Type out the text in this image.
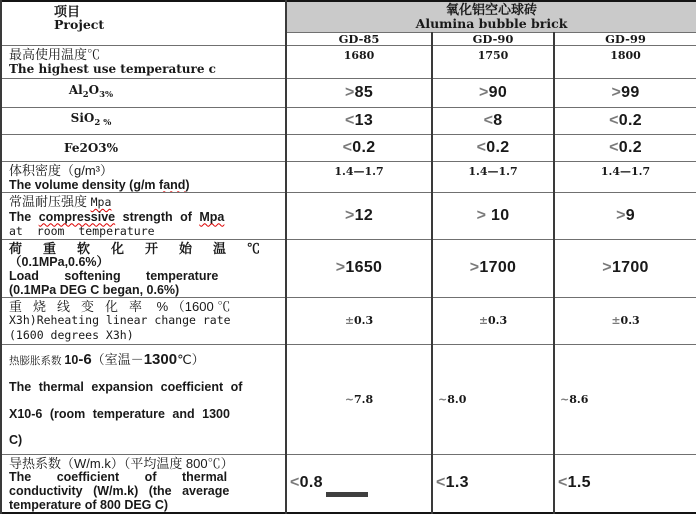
项目
Project

氧化铝空心球砖
Alumina bubble brick

	GD-85	GD-90	GD-99

最高使用温度℃
The highest use temperature c	1680	1750	1800

$Al_2O_{3\%}$	>85	>90	>99

SiO$_{2 \%}$	<13	<8	<0.2

Fe2O3%	<0.2	<0.2	<0.2

体积密度（g/m³）
The volume density (g/m fand)	1.4—1.7	1.4—1.7	1.4—1.7

常温耐压强度 Mpa
The compressive strength of Mpa
at room temperature	>12	> 10	>9

荷重软化开始温℃
（0.1MPa,0.6%）
Load softening temperature
(0.1MPa DEG C began, 0.6%)	>1650	>1700	>1700

重烧线变化率 % （1600 ℃
X3h)Reheating linear change rate
(1600 degrees X3h)	±0.3	±0.3	±0.3

热膨胀系数 10-6（室温－1300℃）
The thermal expansion coefficient of
X10-6 (room temperature and 1300
C)	~7.8	~8.0	~8.6

导热系数（W/m.k）（平均温度 800℃）
The coefficient of thermal
conductivity (W/m.k) (the average
temperature of 800 DEG C)	<0.8	<1.3	<1.5
